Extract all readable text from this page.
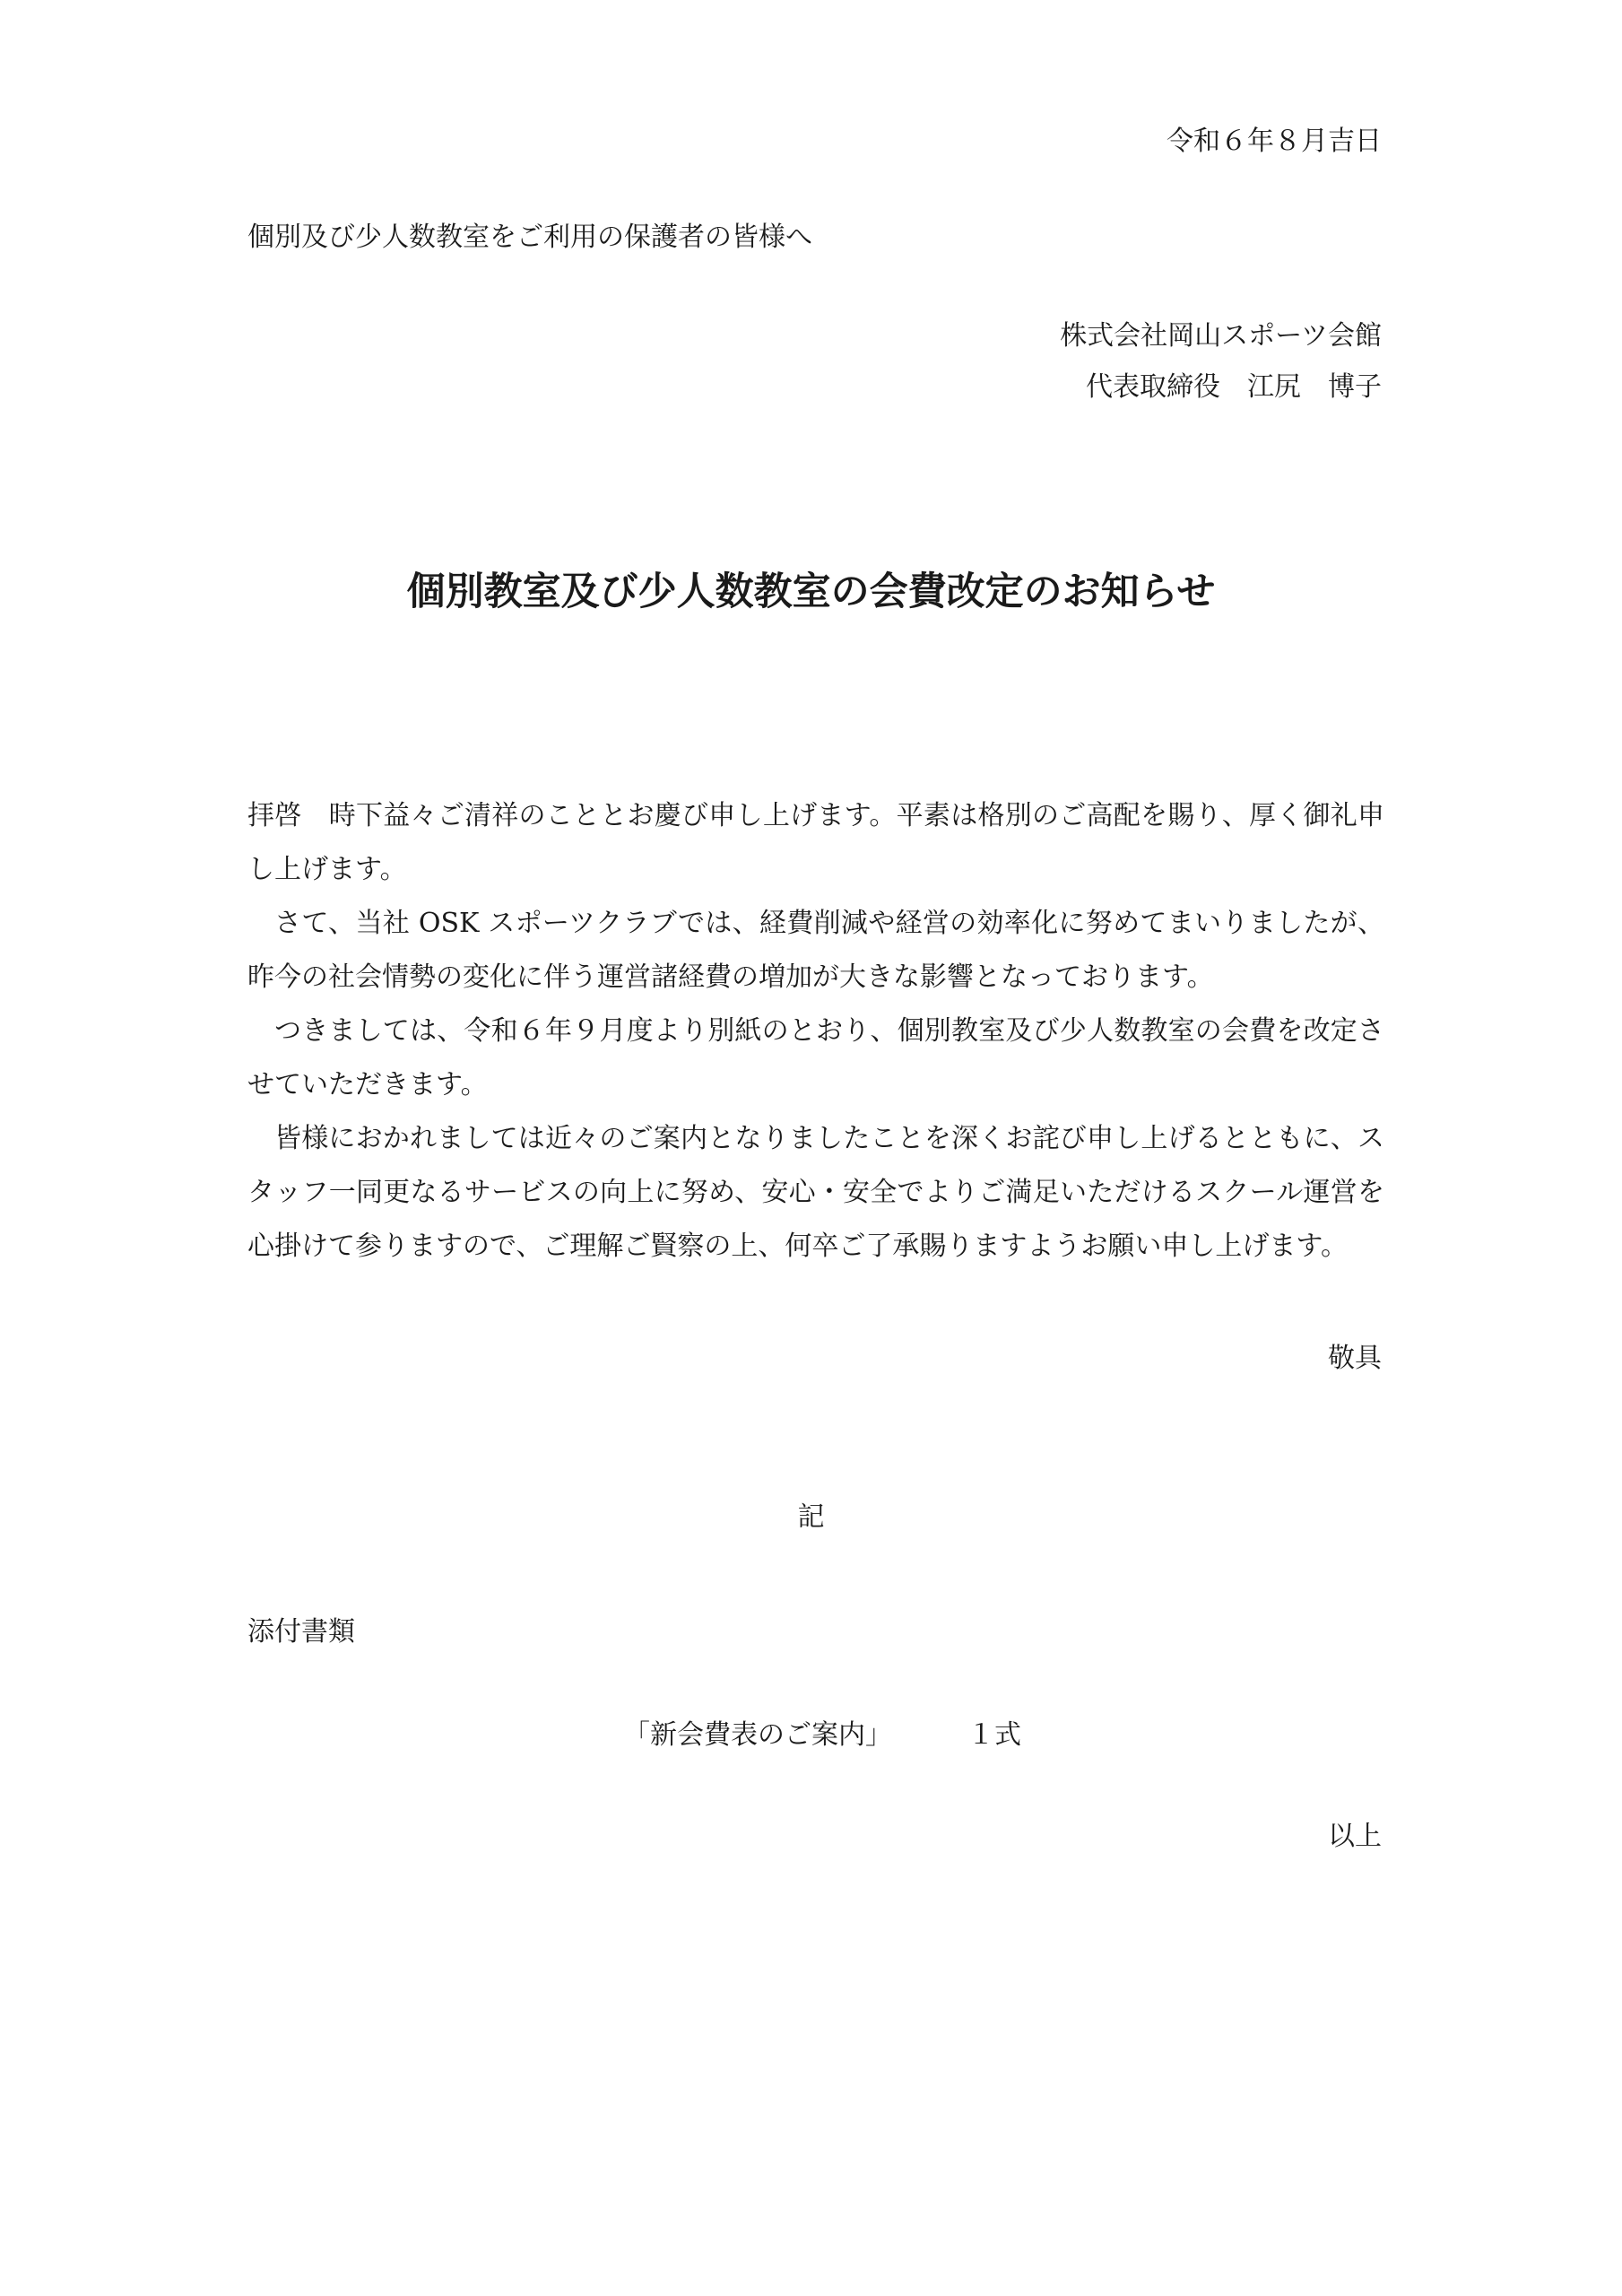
令和６年８月吉日
個別及び少人数教室をご利用の保護者の皆様へ
株式会社岡山スポーツ会館
代表取締役　江尻　博子
個別教室及び少人数教室の会費改定のお知らせ

拝啓　時下益々ご清祥のこととお慶び申し上げます。平素は格別のご高配を賜り、厚く御礼申し上げます。

さて、当社 OSK スポーツクラブでは、経費削減や経営の効率化に努めてまいりましたが、昨今の社会情勢の変化に伴う運営諸経費の増加が大きな影響となっております。

つきましては、令和６年９月度より別紙のとおり、個別教室及び少人数教室の会費を改定させていただきます。

皆様におかれましては近々のご案内となりましたことを深くお詫び申し上げるとともに、スタッフ一同更なるサービスの向上に努め、安心・安全でよりご満足いただけるスクール運営を心掛けて参りますので、ご理解ご賢察の上、何卒ご了承賜りますようお願い申し上げます。

敬具
記
添付書類
「新会費表のご案内」	１式
以上
